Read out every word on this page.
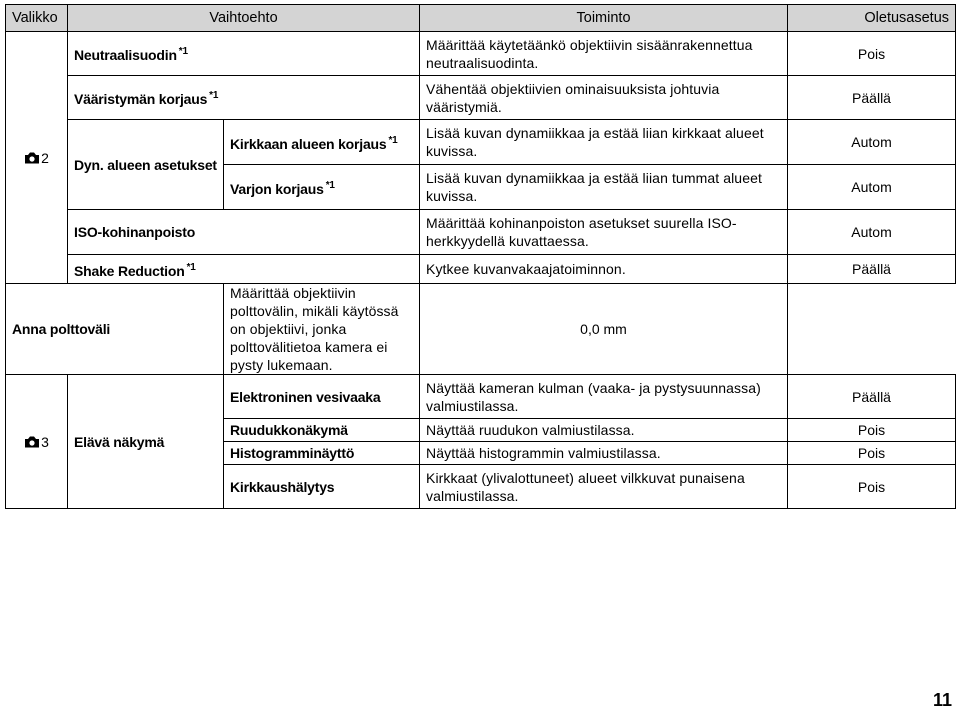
Valikko	Vaihtoehto		Toiminto	Oletusasetus
2	Neutraalisuodin $^{*1}$		Määrittää käytetäänkö objektiivin sisäänrakennettua neutraalisuodinta.	Pois
	Vääristymän korjaus $^{*1}$		Vähentää objektiivien ominaisuuksista johtuvia vääristymiä.	Päällä
	Dyn. alueen asetukset	Kirkkaan alueen korjaus $^{*1}$	Lisää kuvan dynamiikkaa ja estää liian kirkkaat alueet kuvissa.	Autom
		Varjon korjaus $^{*1}$	Lisää kuvan dynamiikkaa ja estää liian tummat alueet kuvissa.	Autom
	ISO-kohinanpoisto		Määrittää kohinanpoiston asetukset suurella ISO-herkkyydellä kuvattaessa.	Autom
	Shake Reduction $^{*1}$		Kytkee kuvanvakaajatoiminnon.	Päällä
Anna polttoväli		Määrittää objektiivin polttovälin, mikäli käytössä on objektiivi, jonka polttovälitietoa kamera ei pysty lukemaan.	0,0 mm	
3	Elävä näkymä	Elektroninen vesivaaka	Näyttää kameran kulman (vaaka- ja pystysuunnassa) valmiustilassa.	Päällä
		Ruudukkonäkymä	Näyttää ruudukon valmiustilassa.	Pois
		Histogramminäyttö	Näyttää histogrammin valmiustilassa.	Pois
		Kirkkaushälytys	Kirkkaat (ylivalottuneet) alueet vilkkuvat punaisena valmiustilassa.	Pois
11
